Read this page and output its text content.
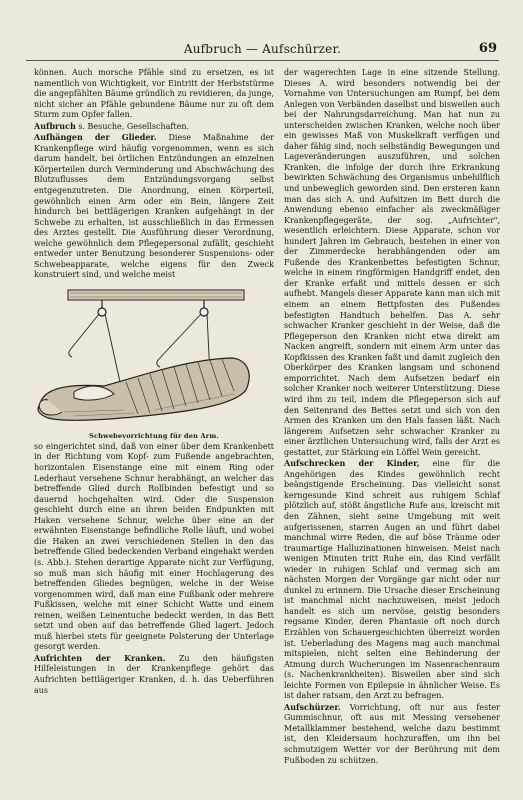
Aufbruch — Aufschürzer.	69

können. Auch morsche Pfähle sind zu ersetzen, es ist namentlich von Wichtigkeit, vor Eintritt der Herbststürme die angepfählten Bäume gründlich zu revidieren, da junge, nicht sicher an Pfähle gebundene Bäume nur zu oft dem Sturm zum Opfer fallen.

Aufbruch s. Besuche, Gesellschaften.

Aufhängen der Glieder. Diese Maßnahme der Krankenpflege wird häufig vorgenommen, wenn es sich darum handelt, bei örtlichen Entzündungen an einzelnen Körperteilen durch Verminderung und Abschwächung des Blutzuflusses dem Entzündungsvorgang selbst entgegenzutreten. Die Anordnung, einen Körperteil, gewöhnlich einen Arm oder ein Bein, längere Zeit hindurch bei bettlägerigen Kranken aufgehängt in der Schwebe zu erhalten, ist ausschließlich in das Ermessen des Arztes gestellt. Die Ausführung dieser Verordnung, welche gewöhnlich dem Pflegepersonal zufällt, geschieht entweder unter Benutzung besonderer Suspensions- oder Schwebeapparate, welche eigens für den Zweck konstruiert sind, und welche meist

Schwebevorrichtung für den Arm.

so eingerichtet sind, daß von einer über dem Krankenbett in der Richtung vom Kopf- zum Fußende angebrachten, horizontalen Eisenstange eine mit einem Ring oder Lederhaut versehene Schnur herabhängt, an welcher das betreffende Glied durch Rollbinden befestigt und so dauernd hochgehalten wird. Oder die Suspension geschieht durch eine an ihren beiden Endpunkten mit Haken versehene Schnur, welche über eine an der erwähnten Eisenstange befindliche Rolle läuft, und wobei die Haken an zwei verschiedenen Stellen in den das betreffende Glied bedeckenden Verband eingehakt werden (s. Abb.). Stehen derartige Apparate nicht zur Verfügung, so muß man sich häufig mit einer Hochlagerung des betreffenden Gliedes begnügen, welche in der Weise vorgenommen wird, daß man eine Fußbank oder mehrere Fußkissen, welche mit einer Schicht Watte und einem reinen, weißen Leinentuche bedeckt werden, in das Bett setzt und oben auf das betreffende Glied lagert. Jedoch muß hierbei stets für geeignete Polsterung der Unterlage gesorgt werden.

Aufrichten der Kranken. Zu den häufigsten Hilfeleistungen in der Krankenpflege gehört das Aufrichten bettlägeriger Kranken, d. h. das Ueberführen aus

der wagerechten Lage in eine sitzende Stellung. Dieses A. wird besonders notwendig bei der Vornahme von Untersuchungen am Rumpf, bei dem Anlegen von Verbänden daselbst und bisweilen auch bei der Nahrungsdarreichung. Man hat nun zu unterscheiden zwischen Kranken, welche noch über ein gewisses Maß von Muskelkraft verfügen und daher fähig sind, noch selbständig Bewegungen und Lageveränderungen auszuführen, und solchen Kranken, die infolge der durch ihre Erkrankung bewirkten Schwächung des Organismus unbehilflich und unbeweglich geworden sind. Den ersteren kann man das sich A. und Aufsitzen im Bett durch die Anwendung ebenso einfacher als zweckmäßiger Krankenpflegegeräte, der sog. „Aufrichter", wesentlich erleichtern. Diese Apparate, schon vor hundert Jahren im Gebrauch, bestehen in einer von der Zimmerdecke herabhängenden oder am Fußende des Krankenbettes befestigten Schnur, welche in einem ringförmigen Handgriff endet, den der Kranke erfaßt und mittels dessen er sich aufhebt. Mangels dieser Apparate kann man sich mit einem an einem Bettpfosten des Fußendes befestigten Handtuch behelfen. Das A. sehr schwacher Kranker geschieht in der Weise, daß die Pflegeperson den Kranken nicht etwa direkt am Nacken angreift, sondern mit einem Arm unter das Kopfkissen des Kranken faßt und damit zugleich den Oberkörper des Kranken langsam und schonend emporrichtet. Nach dem Aufsetzen bedarf ein solcher Kranker noch weiterer Unterstützung. Diese wird ihm zu teil, indem die Pflegeperson sich auf den Seitenrand des Bettes setzt und sich von den Armen des Kranken um den Hals fassen läßt. Nach längerem Aufsetzen sehr schwacher Kranker zu einer ärztlichen Untersuchung wird, falls der Arzt es gestattet, zur Stärkung ein Löffel Wein gereicht.

Aufschrecken der Kinder, eine für die Angehörigen des Kindes gewöhnlich recht beängstigende Erscheinung. Das vielleicht sonst kerngesunde Kind schreit aus ruhigem Schlaf plötzlich auf, stößt ängstliche Rufe aus, kreischt mit den Zähnen, sieht seine Umgebung mit weit aufgerissenen, starren Augen an und führt dabei manchmal wirre Reden, die auf böse Träume oder traumartige Halluzinationen hinweisen. Meist nach wenigen Minuten tritt Ruhe ein, das Kind verfällt wieder in ruhigen Schlaf und vermag sich am nächsten Morgen der Vorgänge gar nicht oder nur dunkel zu erinnern. Die Ursache dieser Erscheinung ist manchmal nicht nachzuweisen, meist jedoch handelt es sich um nervöse, geistig besonders regsame Kinder, deren Phantasie oft noch durch Erzählen von Schauergeschichten überreizt worden ist. Ueberladung des Magens mag auch manchmal mitspielen, nicht selten eine Behinderung der Atmung durch Wucherungen im Nasenrachenraum (s. Nachenkrankheiten). Bisweilen aber sind sich leichte Formen von Epilepsie in ähnlicher Weise. Es ist daher ratsam, den Arzt zu befragen.

Aufschürzer. Vorrichtung, oft nur aus fester Gummischnur, oft aus mit Messing versehener Metallklammer bestehend, welche dazu bestimmt ist, den Kleidersaum hochzuraffen, um ihn bei schmutzigem Wetter vor der Berührung mit dem Fußboden zu schützen.
